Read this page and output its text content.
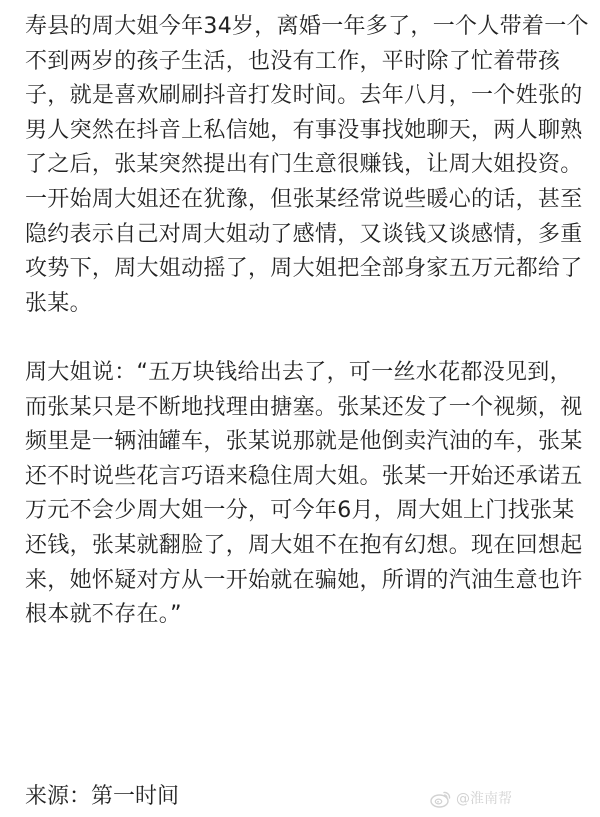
寿县的周大姐今年34岁，离婚一年多了，一个人带着一个
不到两岁的孩子生活，也没有工作，平时除了忙着带孩
子，就是喜欢刷刷抖音打发时间。去年八月，一个姓张的
男人突然在抖音上私信她，有事没事找她聊天，两人聊熟
了之后，张某突然提出有门生意很赚钱，让周大姐投资。
一开始周大姐还在犹豫，但张某经常说些暖心的话，甚至
隐约表示自己对周大姐动了感情，又谈钱又谈感情，多重
攻势下，周大姐动摇了，周大姐把全部身家五万元都给了
张某。
周大姐说：“五万块钱给出去了，可一丝水花都没见到，
而张某只是不断地找理由搪塞。张某还发了一个视频，视
频里是一辆油罐车，张某说那就是他倒卖汽油的车，张某
还不时说些花言巧语来稳住周大姐。张某一开始还承诺五
万元不会少周大姐一分，可今年6月，周大姐上门找张某
还钱，张某就翻脸了，周大姐不在抱有幻想。现在回想起
来，她怀疑对方从一开始就在骗她，所谓的汽油生意也许
根本就不存在。”
来源：第一时间	@淮南帮
